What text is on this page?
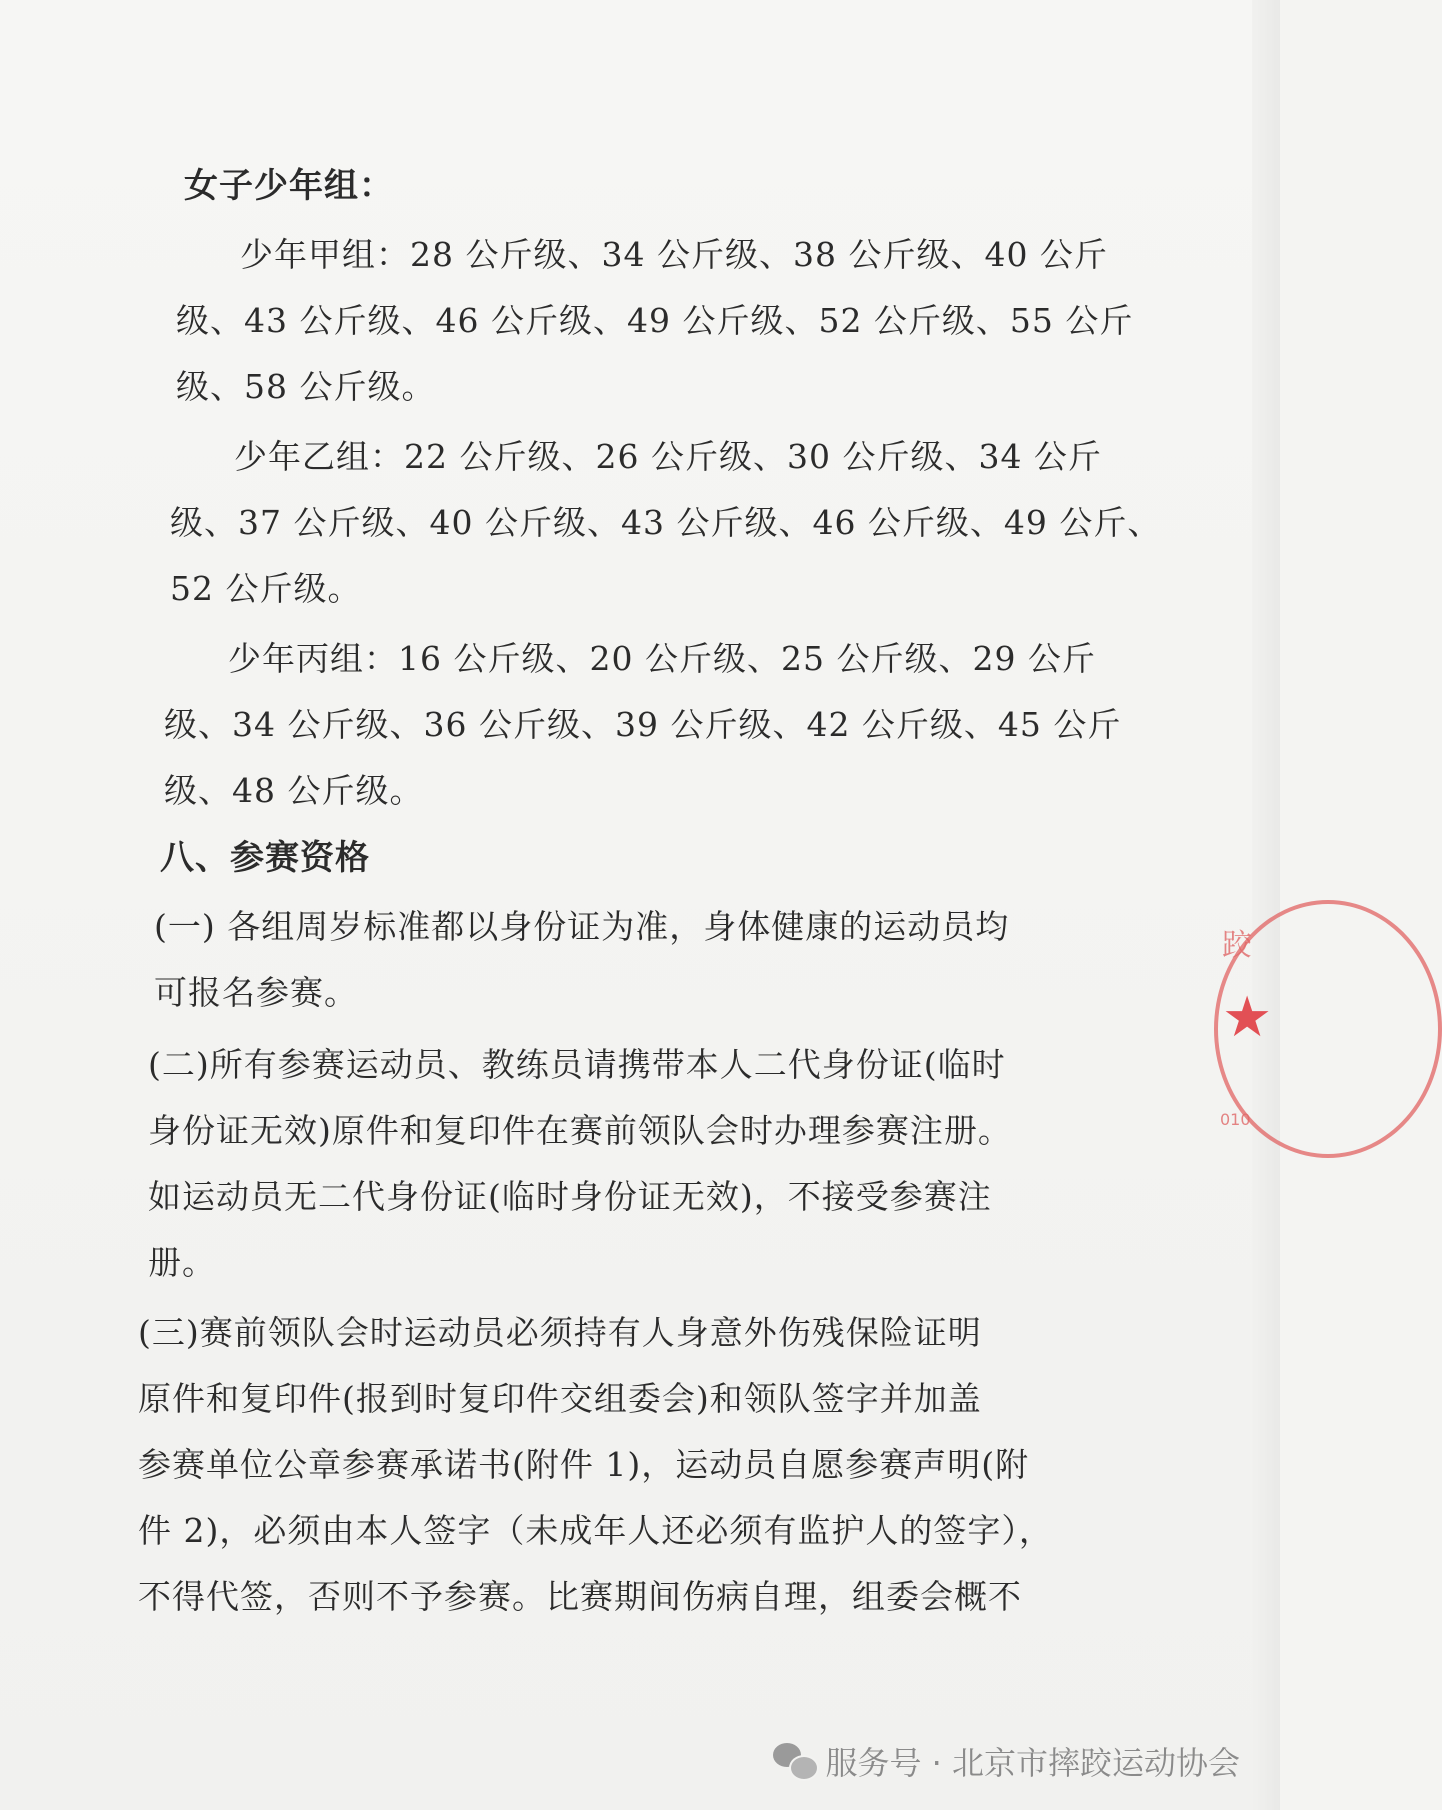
女子少年组：
少年甲组：28 公斤级、34 公斤级、38 公斤级、40 公斤
级、43 公斤级、46 公斤级、49 公斤级、52 公斤级、55 公斤
级、58 公斤级。
少年乙组：22 公斤级、26 公斤级、30 公斤级、34 公斤
级、37 公斤级、40 公斤级、43 公斤级、46 公斤级、49 公斤、
52 公斤级。
少年丙组：16 公斤级、20 公斤级、25 公斤级、29 公斤
级、34 公斤级、36 公斤级、39 公斤级、42 公斤级、45 公斤
级、48 公斤级。
八、参赛资格
(一) 各组周岁标准都以身份证为准，身体健康的运动员均
可报名参赛。
(二)所有参赛运动员、教练员请携带本人二代身份证(临时
身份证无效)原件和复印件在赛前领队会时办理参赛注册。
如运动员无二代身份证(临时身份证无效)，不接受参赛注
册。
(三)赛前领队会时运动员必须持有人身意外伤残保险证明
原件和复印件(报到时复印件交组委会)和领队签字并加盖
参赛单位公章参赛承诺书(附件 1)，运动员自愿参赛声明(附
件 2)，必须由本人签字（未成年人还必须有监护人的签字），
不得代签，否则不予参赛。比赛期间伤病自理，组委会概不
跤
★
010
服务号 · 北京市摔跤运动协会
